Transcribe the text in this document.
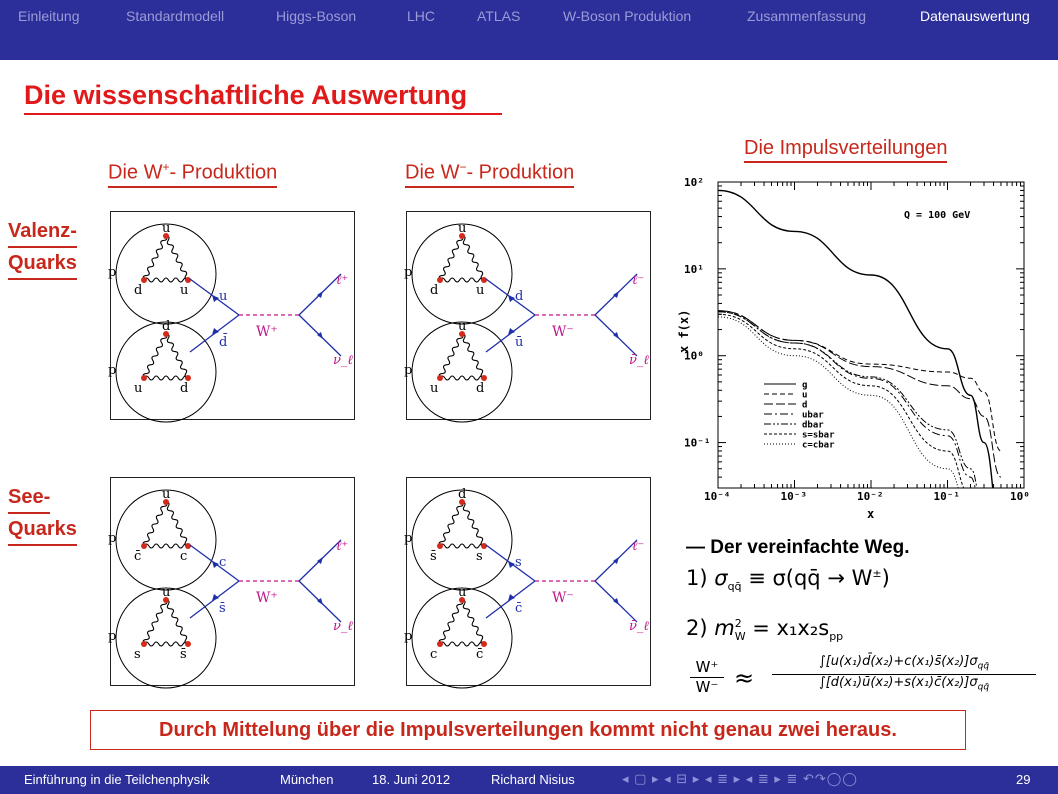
Einleitung	Standardmodell	Higgs-Boson	LHC	ATLAS	W-Boson Produktion	Zusammenfassung	Datenauswertung
Die wissenschaftliche Auswertung
Die W+- Produktion	Die W−- Produktion
Die Impulsverteilungen
Valenz-
Quarks
See-
Quarks
u
d	u
p
d
u	d
p
u
d̄
W⁺
ℓ⁺
ν_ℓ
u
d	u
p
u
u	d
p
d
ū
W⁻
ℓ⁻
ν̄_ℓ
u
c̄	c
p
u
s	s̄
p
c
s̄
W⁺
ℓ⁺
ν_ℓ
d
s̄	s
p
u
c	c̄
p
s
c̄
W⁻
ℓ⁻
ν̄_ℓ
10⁻⁴	10⁻³	10⁻²	10⁻¹	10⁰
10⁻¹
10⁰
10¹
10²
x
x f(x)
Q = 100 GeV
g
u
d
ubar
dbar
s=sbar
c=cbar
— Der vereinfachte Weg.
1) $\sigma_{qq̄}$ ≡ σ(qq̄ → W±)
2) $m^2_W = x_1x_2s_{pp}$
$\frac{W^+}{W^-}$ ≈
$\int[u(x_1)d̄(x_2)+c(x_1)s̄(x_2)]\sigma_{qq̄}$
$\int[d(x_1)ū(x_2)+s(x_1)c̄(x_2)]\sigma_{qq̄}$
Durch Mittelung über die Impulsverteilungen kommt nicht genau zwei heraus.
Einführung in die Teilchenphysik	München	18. Juni 2012	Richard Nisius	◂ ▢ ▸ ◂ ⊟ ▸ ◂ ≣ ▸ ◂ ≣ ▸ ≣ ↶↷◯◯	29
